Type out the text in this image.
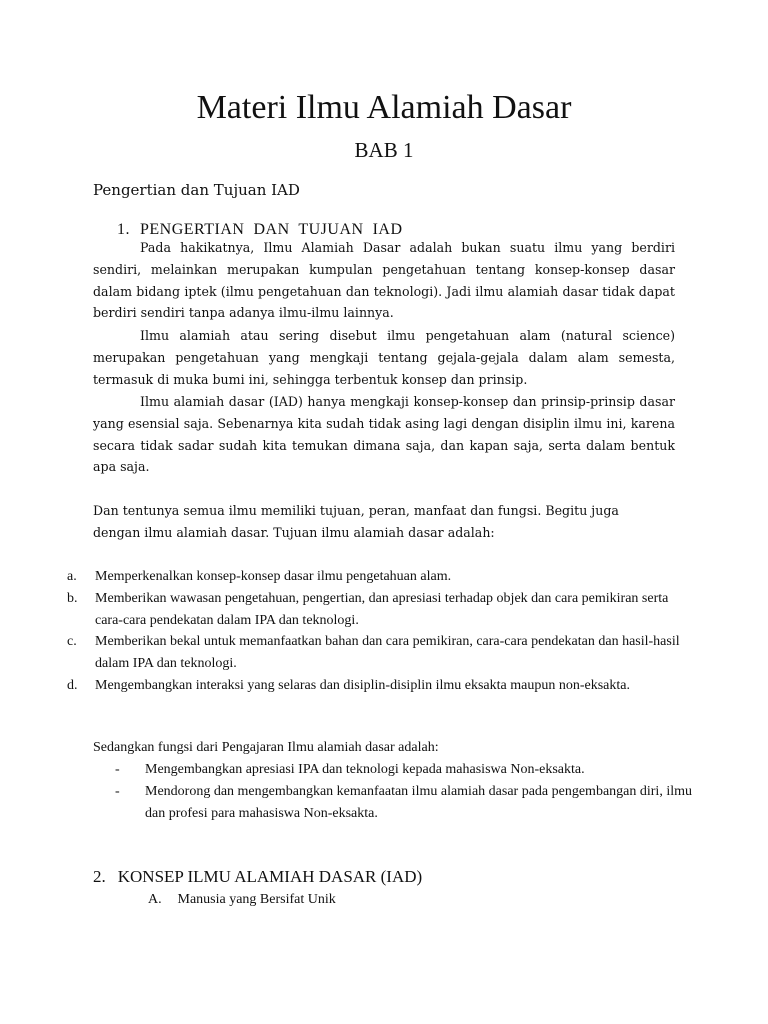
Materi Ilmu Alamiah Dasar
BAB 1
Pengertian dan Tujuan IAD
1. PENGERTIAN  DAN  TUJUAN  IAD

Pada hakikatnya, Ilmu Alamiah Dasar adalah bukan suatu ilmu yang berdiri sendiri, melainkan merupakan kumpulan pengetahuan tentang konsep-konsep dasar dalam bidang iptek (ilmu pengetahuan dan teknologi). Jadi ilmu alamiah dasar tidak dapat berdiri sendiri tanpa adanya ilmu-ilmu lainnya.

Ilmu alamiah atau sering disebut ilmu pengetahuan alam (natural science) merupakan pengetahuan yang mengkaji tentang gejala-gejala dalam alam semesta, termasuk di muka bumi ini, sehingga terbentuk konsep dan prinsip.

Ilmu alamiah dasar (IAD) hanya mengkaji konsep-konsep dan prinsip-prinsip dasar yang esensial saja. Sebenarnya kita sudah tidak asing lagi dengan disiplin ilmu ini, karena secara tidak sadar sudah kita temukan dimana saja, dan kapan saja, serta dalam bentuk apa saja.

Dan tentunya semua ilmu memiliki tujuan, peran, manfaat dan fungsi. Begitu juga dengan ilmu alamiah dasar. Tujuan ilmu alamiah dasar adalah:

a. Memperkenalkan konsep-konsep dasar ilmu pengetahuan alam.
b. Memberikan wawasan pengetahuan, pengertian, dan apresiasi terhadap objek dan cara pemikiran serta cara-cara pendekatan dalam IPA dan teknologi.
c. Memberikan bekal untuk memanfaatkan bahan dan cara pemikiran, cara-cara pendekatan dan hasil-hasil dalam IPA dan teknologi.
d. Mengembangkan interaksi yang selaras dan disiplin-disiplin ilmu eksakta maupun non-eksakta.

Sedangkan fungsi dari Pengajaran Ilmu alamiah dasar adalah:

- Mengembangkan apresiasi IPA dan teknologi kepada mahasiswa Non-eksakta.
- Mendorong dan mengembangkan kemanfaatan ilmu alamiah dasar pada pengembangan diri, ilmu dan profesi para mahasiswa Non-eksakta.
2. KONSEP ILMU ALAMIAH DASAR (IAD)
A. Manusia yang Bersifat Unik
